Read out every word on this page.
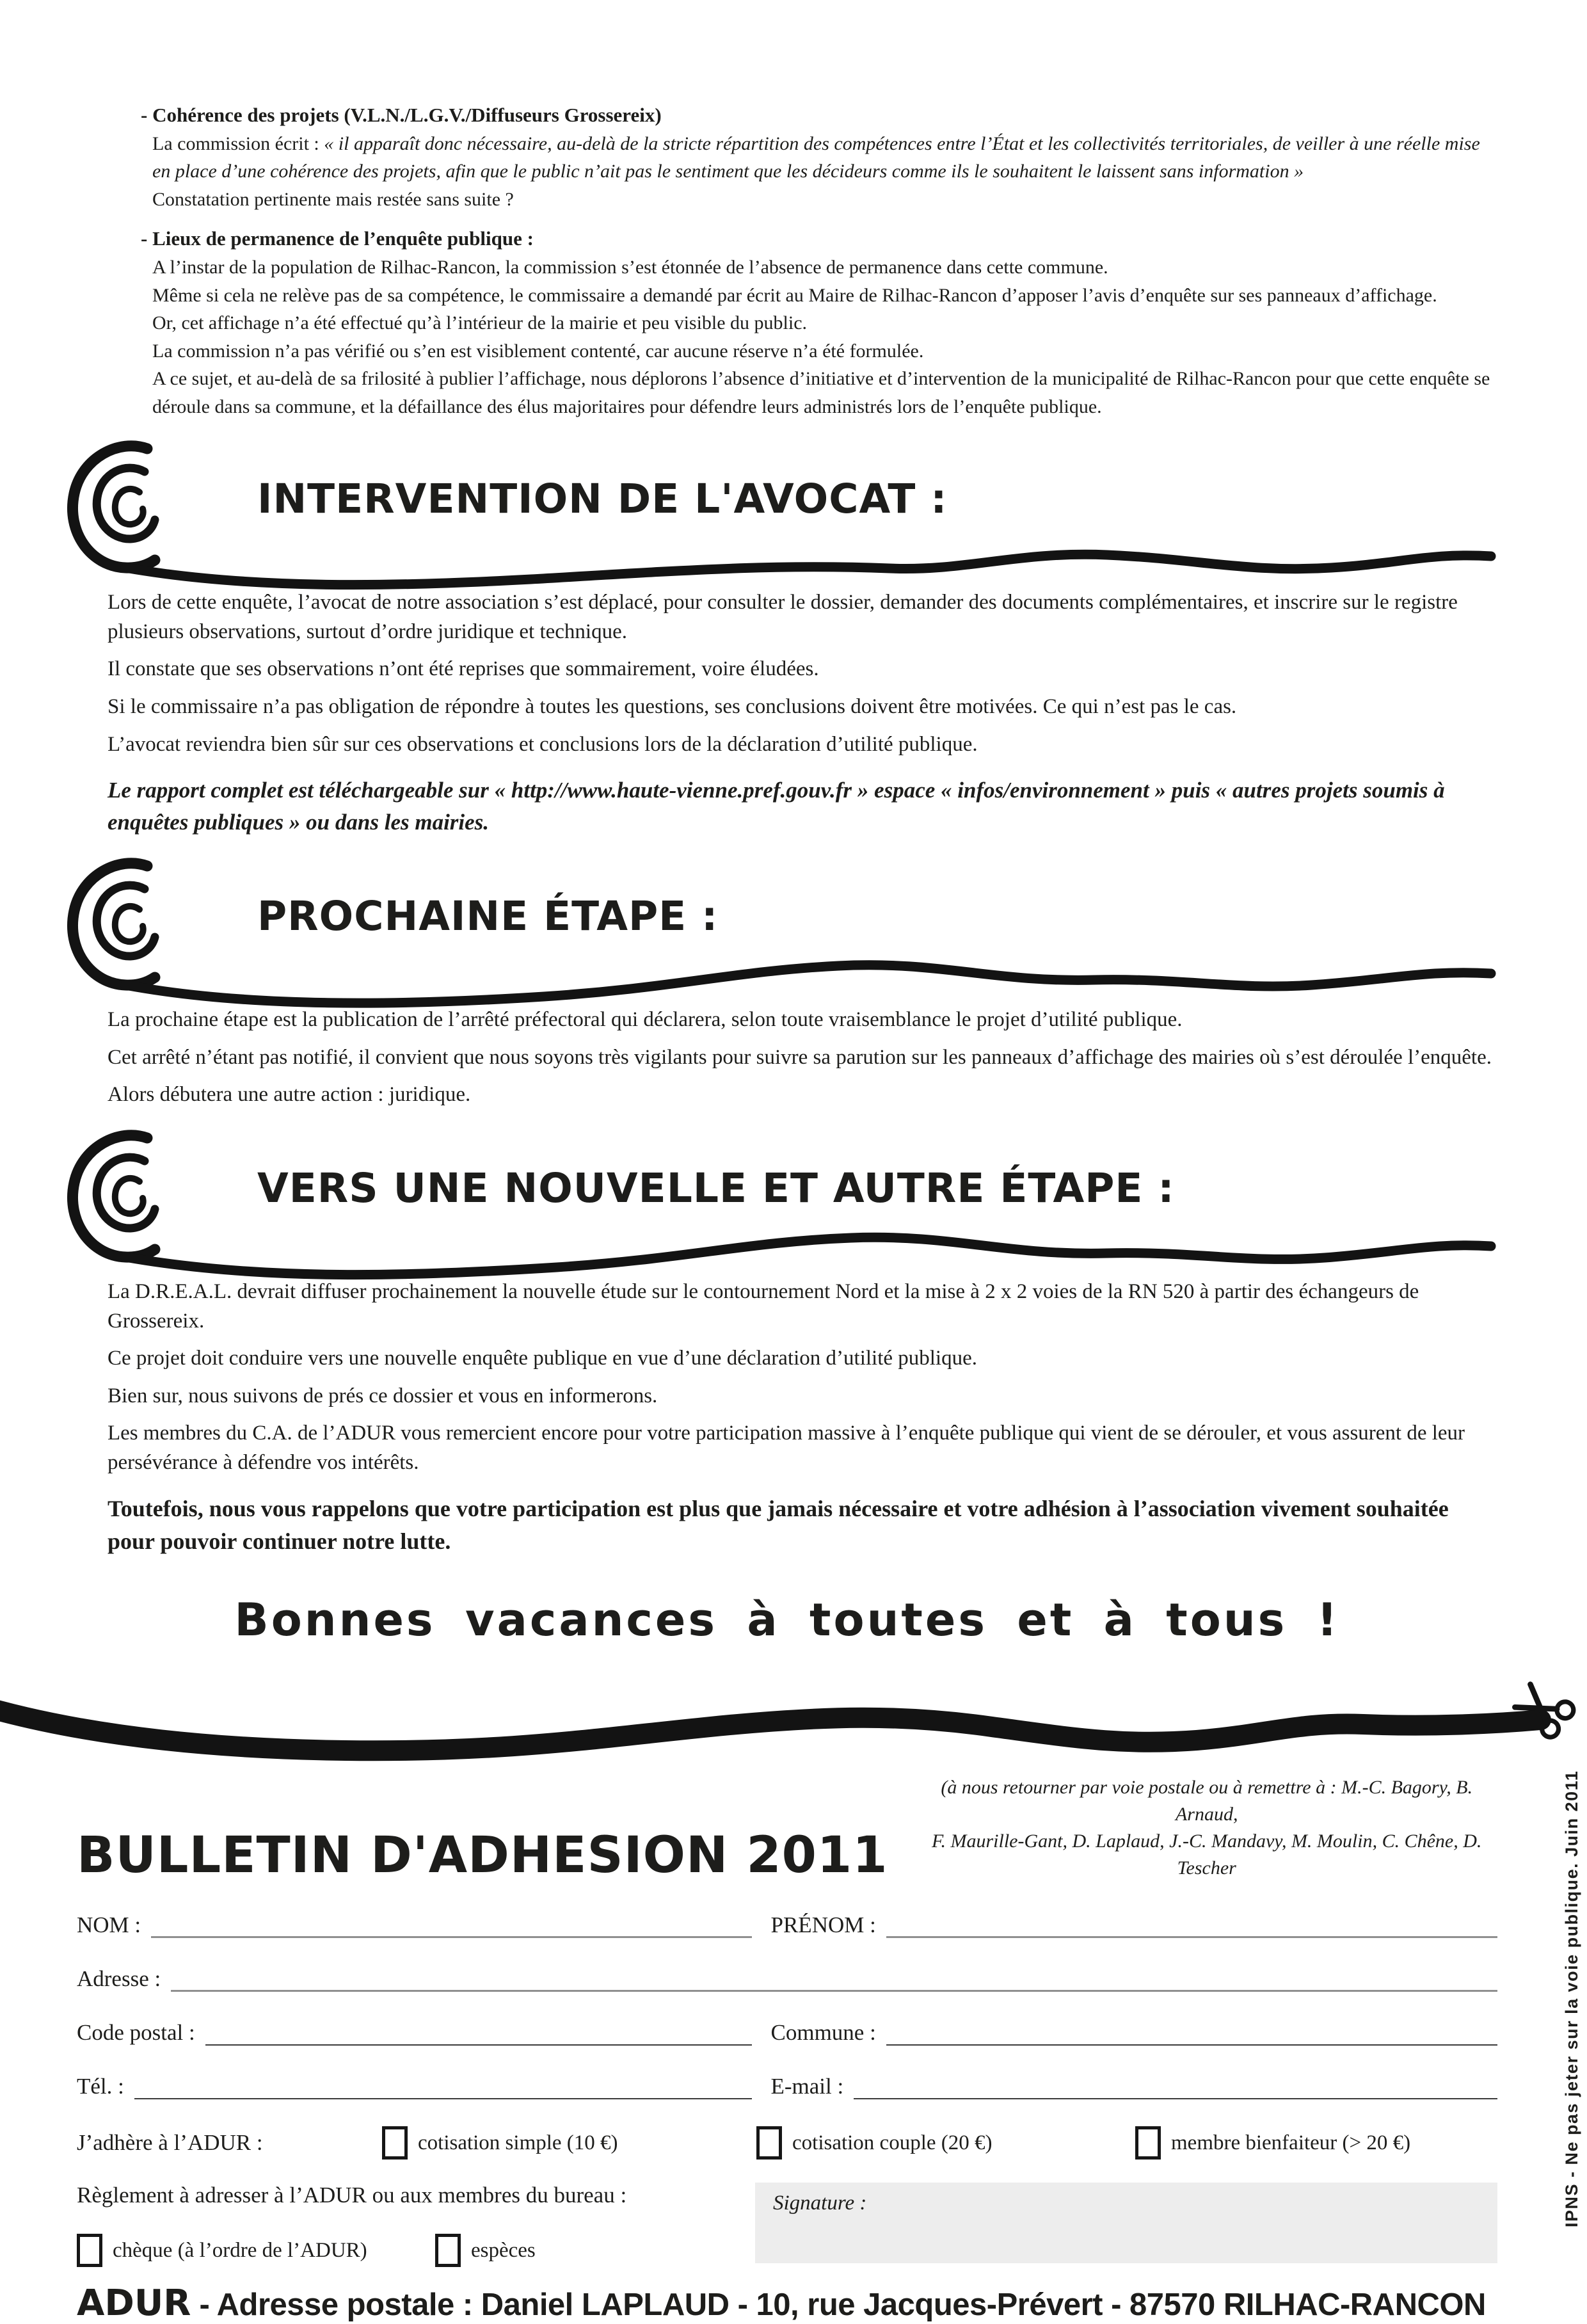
- Cohérence des projets (V.L.N./L.G.V./Diffuseurs Grossereix)

La commission écrit : « il apparaît donc nécessaire, au-delà de la stricte répartition des compétences entre l’État et les collectivités territoriales, de veiller à une réelle mise en place d’une cohérence des projets, afin que le public n’ait pas le sentiment que les décideurs comme ils le souhaitent le laissent sans information »

Constatation pertinente mais restée sans suite ?

- Lieux de permanence de l’enquête publique :

A l’instar de la population de Rilhac-Rancon, la commission s’est étonnée de l’absence de permanence dans cette commune.

Même si cela ne relève pas de sa compétence, le commissaire a demandé par écrit au Maire de Rilhac-Rancon d’apposer l’avis d’enquête sur ses panneaux d’affichage.

Or, cet affichage n’a été effectué qu’à l’intérieur de la mairie et peu visible du public.

La commission n’a pas vérifié ou s’en est visiblement contenté, car aucune réserve n’a été formulée.

A ce sujet, et au-delà de sa frilosité à publier l’affichage, nous déplorons l’absence d’initiative et d’intervention de la municipalité de Rilhac-Rancon pour que cette enquête se déroule dans sa commune, et la défaillance des élus majoritaires pour défendre leurs administrés lors de l’enquête publique.

INTERVENTION DE L'AVOCAT :

Lors de cette enquête, l’avocat de notre association s’est déplacé, pour consulter le dossier, demander des documents complémentaires, et inscrire sur le registre plusieurs observations, surtout d’ordre juridique et technique.

Il constate que ses observations n’ont été reprises que sommairement, voire éludées.

Si le commissaire n’a pas obligation de répondre à toutes les questions, ses conclusions doivent être motivées. Ce qui n’est pas le cas.

L’avocat reviendra bien sûr sur ces observations et conclusions lors de la déclaration d’utilité publique.

Le rapport complet est téléchargeable sur « http://www.haute-vienne.pref.gouv.fr » espace « infos/environnement » puis « autres projets soumis à enquêtes publiques » ou dans les mairies.

PROCHAINE ÉTAPE :

La prochaine étape est la publication de l’arrêté préfectoral qui déclarera, selon toute vraisemblance le projet d’utilité publique.

Cet arrêté n’étant pas notifié, il convient que nous soyons très vigilants pour suivre sa parution sur les panneaux d’affichage des mairies où s’est déroulée l’enquête.

Alors débutera une autre action : juridique.

VERS UNE NOUVELLE ET AUTRE ÉTAPE :

La D.R.E.A.L. devrait diffuser prochainement la nouvelle étude sur le contournement Nord et la mise à 2 x 2 voies de la RN 520 à partir des échangeurs de Grossereix.

Ce projet doit conduire vers une nouvelle enquête publique en vue d’une déclaration d’utilité publique.

Bien sur, nous suivons de prés ce dossier et vous en informerons.

Les membres du C.A. de l’ADUR vous remercient encore pour votre participation massive à l’enquête publique qui vient de se dérouler, et vous assurent de leur persévérance à défendre vos intérêts.

Toutefois, nous vous rappelons que votre participation est plus que jamais nécessaire et votre adhésion à l’association vivement souhaitée pour pouvoir continuer notre lutte.

Bonnes vacances à toutes et à tous !

BULLETIN D'ADHESION 2011
(à nous retourner par voie postale ou à remettre à : M.-C. Bagory, B. Arnaud,
F. Maurille-Gant, D. Laplaud, J.-C. Mandavy, M. Moulin, C. Chêne, D. Tescher
NOM :	PRÉNOM :
Adresse :
Code postal :	Commune :
Tél. :	E-mail :
J’adhère à l’ADUR :	cotisation simple (10 €)	cotisation couple (20 €)	membre bienfaiteur (> 20 €)

Règlement à adresser à l’ADUR ou aux membres du bureau :

chèque (à l’ordre de l’ADUR)	espèces
Signature :

ADUR - Adresse postale : Daniel LAPLAUD - 10, rue Jacques-Prévert - 87570 RILHAC-RANCON

IPNS - Ne pas jeter sur la voie publique. Juin 2011
